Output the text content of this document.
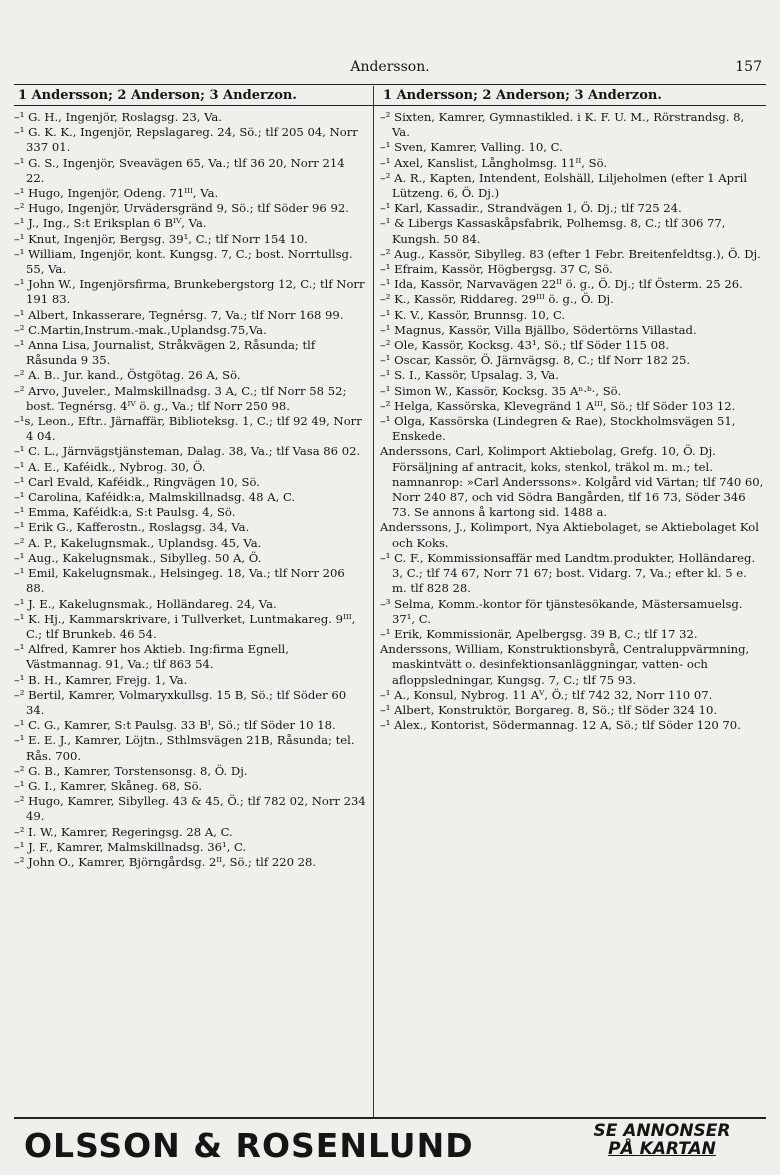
Andersson.	157
1 Andersson; 2 Anderson; 3 Anderzon.	1 Andersson; 2 Anderson; 3 Anderzon.
–¹ G. H., Ingenjör, Roslagsg. 23, Va.
–¹ G. K. K., Ingenjör, Repslagareg. 24, Sö.; tlf 205 04, Norr 337 01.
–¹ G. S., Ingenjör, Sveavägen 65, Va.; tlf 36 20, Norr 214 22.
–¹ Hugo, Ingenjör, Odeng. 71ᴵᴵᴵ, Va.
–² Hugo, Ingenjör, Urvädersgränd 9, Sö.; tlf Söder 96 92.
–¹ J., Ing., S:t Eriksplan 6 Bᴵⱽ, Va.
–¹ Knut, Ingenjör, Bergsg. 39¹, C.; tlf Norr 154 10.
–¹ William, Ingenjör, kont. Kungsg. 7, C.; bost. Norrtullsg. 55, Va.
–¹ John W., Ingenjörsfirma, Brunkebergstorg 12, C.; tlf Norr 191 83.
–¹ Albert, Inkasserare, Tegnérsg. 7, Va.; tlf Norr 168 99.
–² C.Martin,Instrum.-mak.,Uplandsg.75,Va.
–¹ Anna Lisa, Journalist, Stråkvägen 2, Råsunda; tlf Råsunda 9 35.
–² A. B.. Jur. kand., Östgötag. 26 A, Sö.
–² Arvo, Juveler., Malmskillnadsg. 3 A, C.; tlf Norr 58 52; bost. Tegnérsg. 4ᴵⱽ ö. g., Va.; tlf Norr 250 98.
–¹s, Leon., Eftr.. Järnaffär, Biblioteksg. 1, C.; tlf 92 49, Norr 4 04.
–¹ C. L., Järnvägstjänsteman, Dalag. 38, Va.; tlf Vasa 86 02.
–¹ A. E., Kaféidk., Nybrog. 30, Ö.
–¹ Carl Evald, Kaféidk., Ringvägen 10, Sö.
–¹ Carolina, Kaféidk:a, Malmskillnadsg. 48 A, C.
–¹ Emma, Kaféidk:a, S:t Paulsg. 4, Sö.
–¹ Erik G., Kafferostn., Roslagsg. 34, Va.
–² A. P., Kakelugnsmak., Uplandsg. 45, Va.
–¹ Aug., Kakelugnsmak., Sibylleg. 50 A, Ö.
–¹ Emil, Kakelugnsmak., Helsingeg. 18, Va.; tlf Norr 206 88.
–¹ J. E., Kakelugnsmak., Holländareg. 24, Va.
–¹ K. Hj., Kammarskrivare, i Tullverket, Luntmakareg. 9ᴵᴵᴵ, C.; tlf Brunkeb. 46 54.
–¹ Alfred, Kamrer hos Aktieb. Ing:firma Egnell, Västmannag. 91, Va.; tlf 863 54.
–¹ B. H., Kamrer, Frejg. 1, Va.
–² Bertil, Kamrer, Volmaryxkullsg. 15 B, Sö.; tlf Söder 60 34.
–¹ C. G., Kamrer, S:t Paulsg. 33 Bᴵ, Sö.; tlf Söder 10 18.
–¹ E. E. J., Kamrer, Löjtn., Sthlmsvägen 21B, Råsunda; tel. Rås. 700.
–² G. B., Kamrer, Torstensonsg. 8, Ö. Dj.
–¹ G. I., Kamrer, Skåneg. 68, Sö.
–² Hugo, Kamrer, Sibylleg. 43 & 45, Ö.; tlf 782 02, Norr 234 49.
–² I. W., Kamrer, Regeringsg. 28 A, C.
–¹ J. F., Kamrer, Malmskillnadsg. 36¹, C.
–² John O., Kamrer, Björngårdsg. 2ᴵᴵ, Sö.; tlf 220 28.
–² Sixten, Kamrer, Gymnastikled. i K. F. U. M., Rörstrandsg. 8, Va.
–¹ Sven, Kamrer, Valling. 10, C.
–¹ Axel, Kanslist, Långholmsg. 11ᴵᴵ, Sö.
–² A. R., Kapten, Intendent, Eolshäll, Liljeholmen (efter 1 April Lützeng. 6, Ö. Dj.)
–¹ Karl, Kassadir., Strandvägen 1, Ö. Dj.; tlf 725 24.
–¹ & Libergs Kassaskåpsfabrik, Polhemsg. 8, C.; tlf 306 77, Kungsh. 50 84.
–² Aug., Kassör, Sibylleg. 83 (efter 1 Febr. Breitenfeldtsg.), Ö. Dj.
–¹ Efraim, Kassör, Högbergsg. 37 C, Sö.
–¹ Ida, Kassör, Narvavägen 22ᴵᴵ ö. g., Ö. Dj.; tlf Österm. 25 26.
–² K., Kassör, Riddareg. 29ᴵᴵᴵ ö. g., Ö. Dj.
–¹ K. V., Kassör, Brunnsg. 10, C.
–¹ Magnus, Kassör, Villa Bjällbo, Södertörns Villastad.
–² Ole, Kassör, Kocksg. 43¹, Sö.; tlf Söder 115 08.
–¹ Oscar, Kassör, Ö. Järnvägsg. 8, C.; tlf Norr 182 25.
–¹ S. I., Kassör, Upsalag. 3, Va.
–¹ Simon W., Kassör, Kocksg. 35 Aⁿ·ᵇ·, Sö.
–² Helga, Kassörska, Klevegränd 1 Aᴵᴵᴵ, Sö.; tlf Söder 103 12.
–¹ Olga, Kassörska (Lindegren & Rae), Stockholmsvägen 51, Enskede.
Anderssons, Carl, Kolimport Aktiebolag, Grefg. 10, Ö. Dj. Försäljning af antracit, koks, stenkol, träkol m. m.; tel. namnanrop: »Carl Anderssons». Kolgård vid Värtan; tlf 740 60, Norr 240 87, och vid Södra Bangården, tlf 16 73, Söder 346 73. Se annons å kartong sid. 1488 a.
Anderssons, J., Kolimport, Nya Aktiebolaget, se Aktiebolaget Kol och Koks.
–¹ C. F., Kommissionsaffär med Landtm.produkter, Holländareg. 3, C.; tlf 74 67, Norr 71 67; bost. Vidarg. 7, Va.; efter kl. 5 e. m. tlf 828 28.
–³ Selma, Komm.-kontor för tjänstesökande, Mästersamuelsg. 37¹, C.
–¹ Erik, Kommissionär, Apelbergsg. 39 B, C.; tlf 17 32.
Anderssons, William, Konstruktionsbyrå, Centraluppvärmning, maskintvätt o. desinfektionsanläggningar, vatten- och afloppsledningar, Kungsg. 7, C.; tlf 75 93.
–¹ A., Konsul, Nybrog. 11 Aⱽ, Ö.; tlf 742 32, Norr 110 07.
–¹ Albert, Konstruktör, Borgareg. 8, Sö.; tlf Söder 324 10.
–¹ Alex., Kontorist, Södermannag. 12 A, Sö.; tlf Söder 120 70.
OLSSON & ROSENLUND	SE ANNONSER
PÅ KARTAN
